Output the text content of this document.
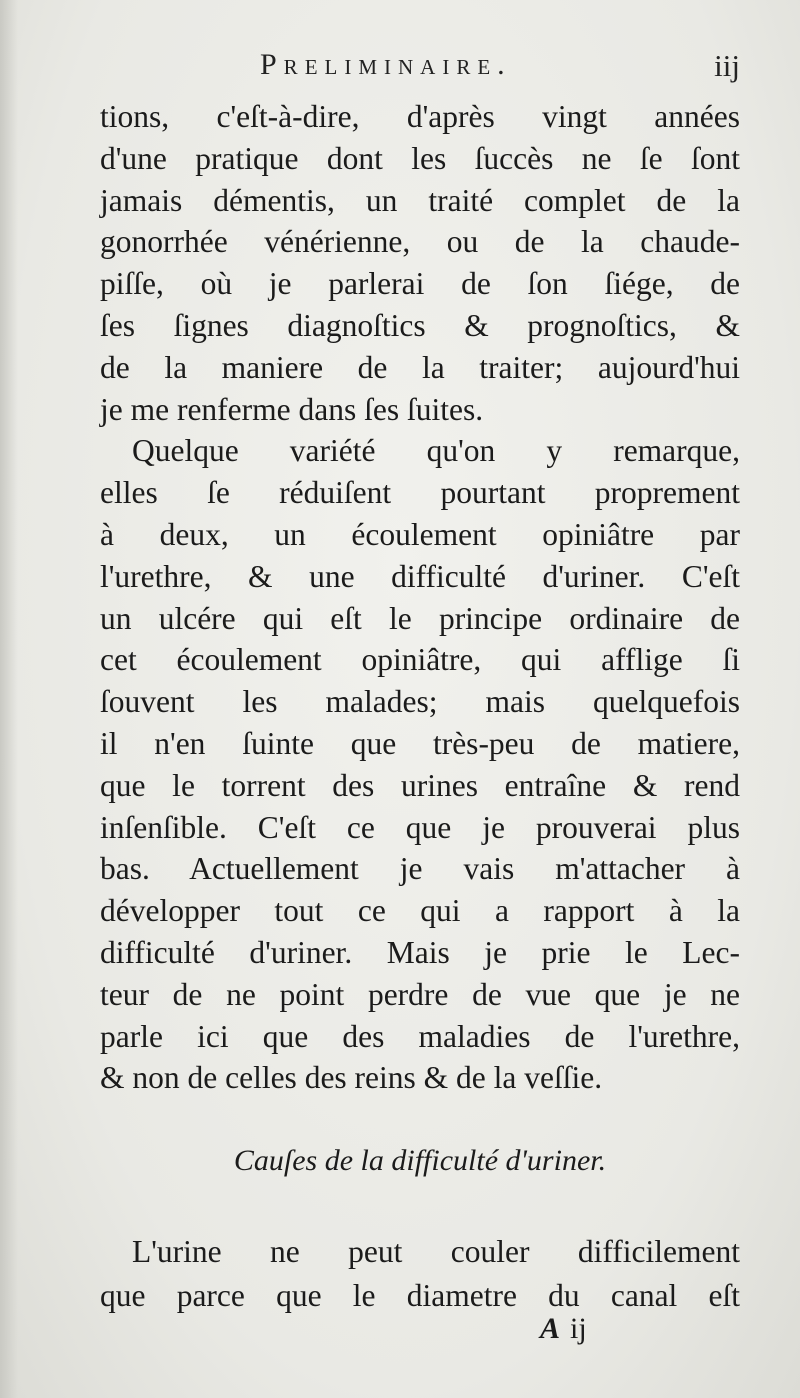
Preliminaire.	iij
tions, c'eſt-à-dire, d'après vingt années
d'une pratique dont les ſuccès ne ſe ſont
jamais démentis, un traité complet de la
gonorrhée vénérienne, ou de la chaude-
piſſe, où je parlerai de ſon ſiége, de
ſes ſignes diagnoſtics & prognoſtics, &
de la maniere de la traiter; aujourd'hui
je me renferme dans ſes ſuites.
Quelque variété qu'on y remarque,
elles ſe réduiſent pourtant proprement
à deux, un écoulement opiniâtre par
l'urethre, & une difficulté d'uriner. C'eſt
un ulcére qui eſt le principe ordinaire de
cet écoulement opiniâtre, qui afflige ſi
ſouvent les malades; mais quelquefois
il n'en ſuinte que très-peu de matiere,
que le torrent des urines entraîne & rend
inſenſible. C'eſt ce que je prouverai plus
bas. Actuellement je vais m'attacher à
développer tout ce qui a rapport à la
difficulté d'uriner. Mais je prie le Lec-
teur de ne point perdre de vue que je ne
parle ici que des maladies de l'urethre,
& non de celles des reins & de la veſſie.
Cauſes de la difficulté d'uriner.
L'urine ne peut couler difficilement
que parce que le diametre du canal eſt
A ij
